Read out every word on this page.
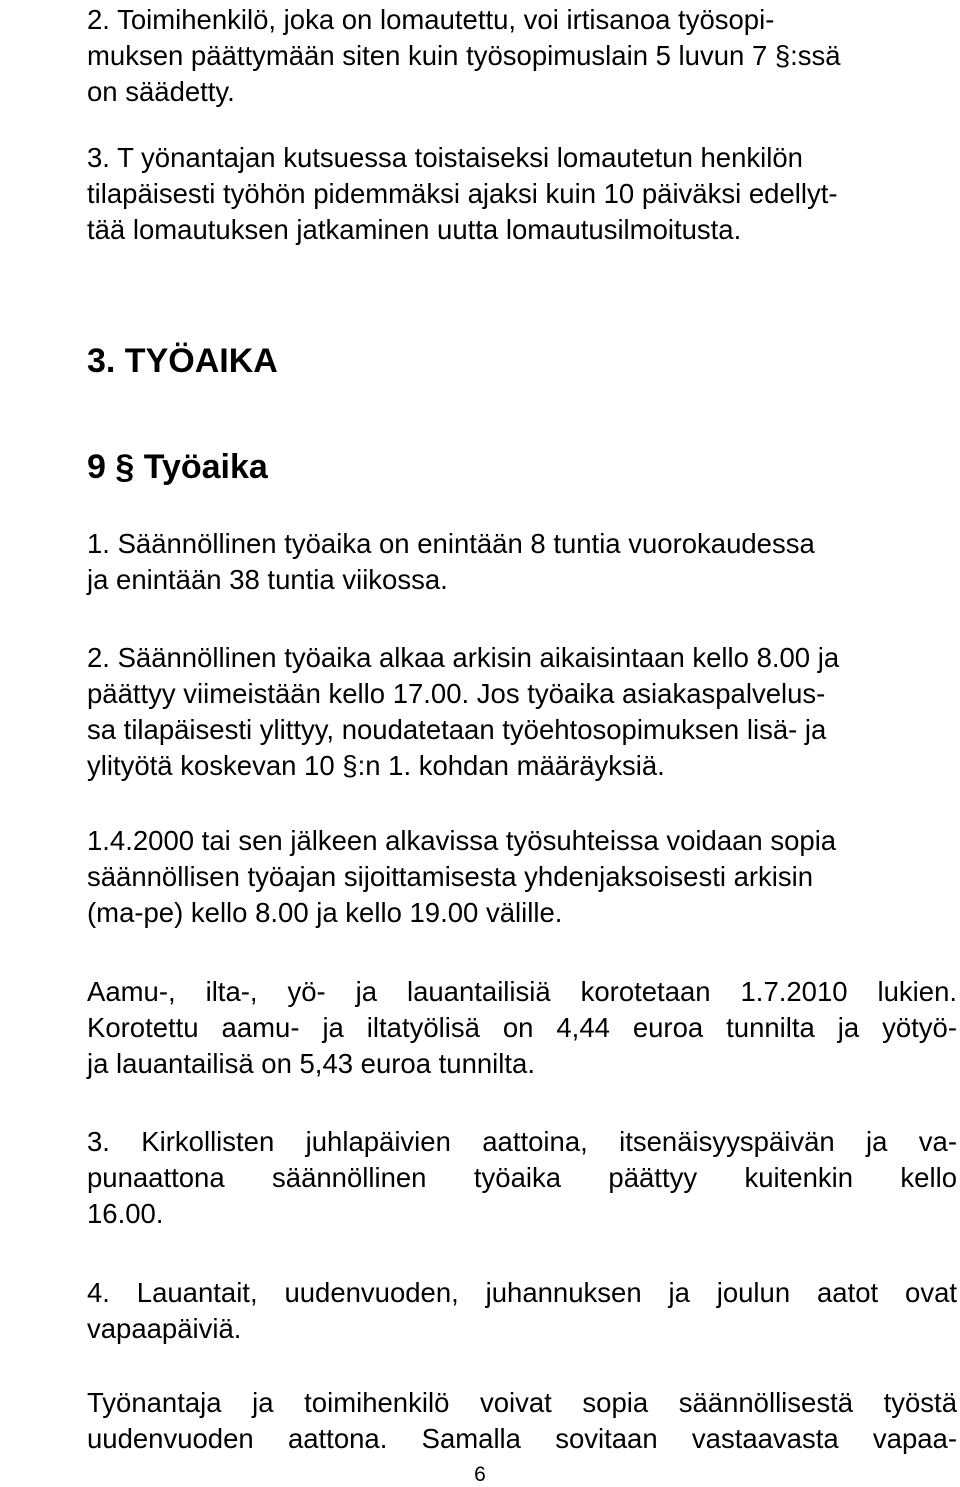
2. Toimihenkilö, joka on lomautettu, voi irtisanoa työsopi-
muksen päättymään siten kuin työsopimuslain 5 luvun 7 §:ssä
on säädetty.

3. T yönantajan kutsuessa toistaiseksi lomautetun henkilön
tilapäisesti työhön pidemmäksi ajaksi kuin 10 päiväksi edellyt-
tää lomautuksen jatkaminen uutta lomautusilmoitusta.

3. TYÖAIKA
9 § Työaika

1. Säännöllinen työaika on enintään 8 tuntia vuorokaudessa
ja enintään 38 tuntia viikossa.

2. Säännöllinen työaika alkaa arkisin aikaisintaan kello 8.00 ja
päättyy viimeistään kello 17.00. Jos työaika asiakaspalvelus-
sa tilapäisesti ylittyy, noudatetaan työehtosopimuksen lisä- ja
ylityötä koskevan 10 §:n 1. kohdan määräyksiä.

1.4.2000 tai sen jälkeen alkavissa työsuhteissa voidaan sopia
säännöllisen työajan sijoittamisesta yhdenjaksoisesti arkisin
(ma-pe) kello 8.00 ja kello 19.00 välille.

Aamu-, ilta-, yö- ja lauantailisiä korotetaan 1.7.2010 lukien.
Korotettu aamu- ja iltatyölisä on 4,44 euroa tunnilta ja yötyö-
ja lauantailisä on 5,43 euroa tunnilta.

3. Kirkollisten juhlapäivien aattoina, itsenäisyyspäivän ja va-
punaattona säännöllinen työaika päättyy kuitenkin kello
16.00.

4. Lauantait, uudenvuoden, juhannuksen ja joulun aatot ovat
vapaapäiviä.

Työnantaja ja toimihenkilö voivat sopia säännöllisestä työstä
uudenvuoden aattona. Samalla sovitaan vastaavasta vapaa-

6
